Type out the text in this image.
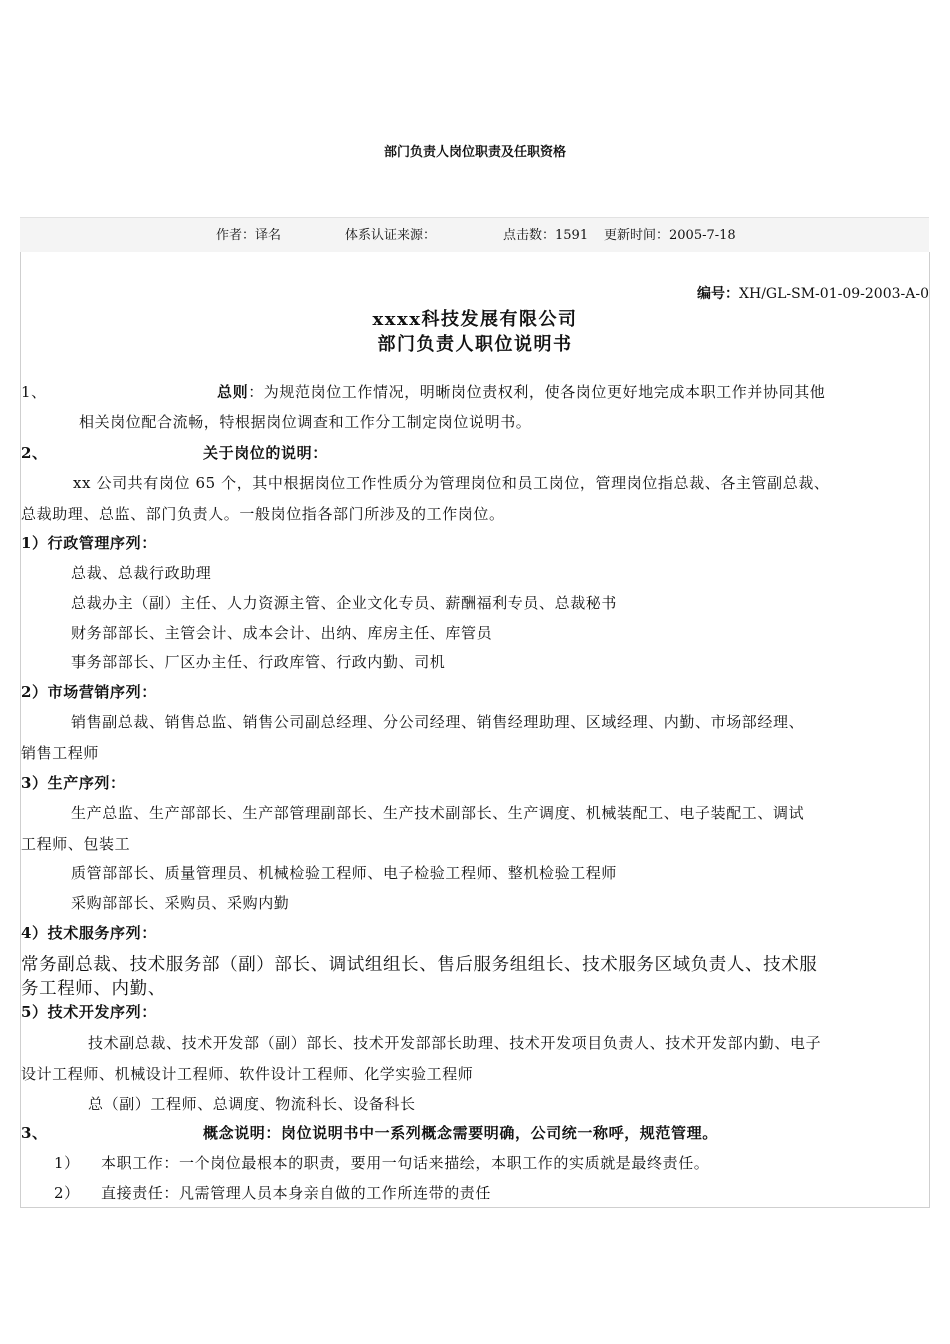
部门负责人岗位职责及任职资格
作者：译名	体系认证来源：	点击数：1591 更新时间：2005-7-18
编号：XH/GL-SM-01-09-2003-A-0
xxxx科技发展有限公司
部门负责人职位说明书
1、	总则：为规范岗位工作情况，明晰岗位责权利，使各岗位更好地完成本职工作并协同其他
相关岗位配合流畅，特根据岗位调查和工作分工制定岗位说明书。
2、	关于岗位的说明：
xx 公司共有岗位 65 个，其中根据岗位工作性质分为管理岗位和员工岗位，管理岗位指总裁、各主管副总裁、
总裁助理、总监、部门负责人。一般岗位指各部门所涉及的工作岗位。
1）行政管理序列：
总裁、总裁行政助理
总裁办主（副）主任、人力资源主管、企业文化专员、薪酬福利专员、总裁秘书
财务部部长、主管会计、成本会计、出纳、库房主任、库管员
事务部部长、厂区办主任、行政库管、行政内勤、司机
2）市场营销序列：
销售副总裁、销售总监、销售公司副总经理、分公司经理、销售经理助理、区域经理、内勤、市场部经理、
销售工程师
3）生产序列：
生产总监、生产部部长、生产部管理副部长、生产技术副部长、生产调度、机械装配工、电子装配工、调试
工程师、包装工
质管部部长、质量管理员、机械检验工程师、电子检验工程师、整机检验工程师
采购部部长、采购员、采购内勤
4）技术服务序列：
常务副总裁、技术服务部（副）部长、调试组组长、售后服务组组长、技术服务区域负责人、技术服
务工程师、内勤、
5）技术开发序列：
技术副总裁、技术开发部（副）部长、技术开发部部长助理、技术开发项目负责人、技术开发部内勤、电子
设计工程师、机械设计工程师、软件设计工程师、化学实验工程师
总（副）工程师、总调度、物流科长、设备科长
3、	概念说明：岗位说明书中一系列概念需要明确，公司统一称呼，规范管理。
1） 本职工作：一个岗位最根本的职责，要用一句话来描绘，本职工作的实质就是最终责任。
2） 直接责任：凡需管理人员本身亲自做的工作所连带的责任
